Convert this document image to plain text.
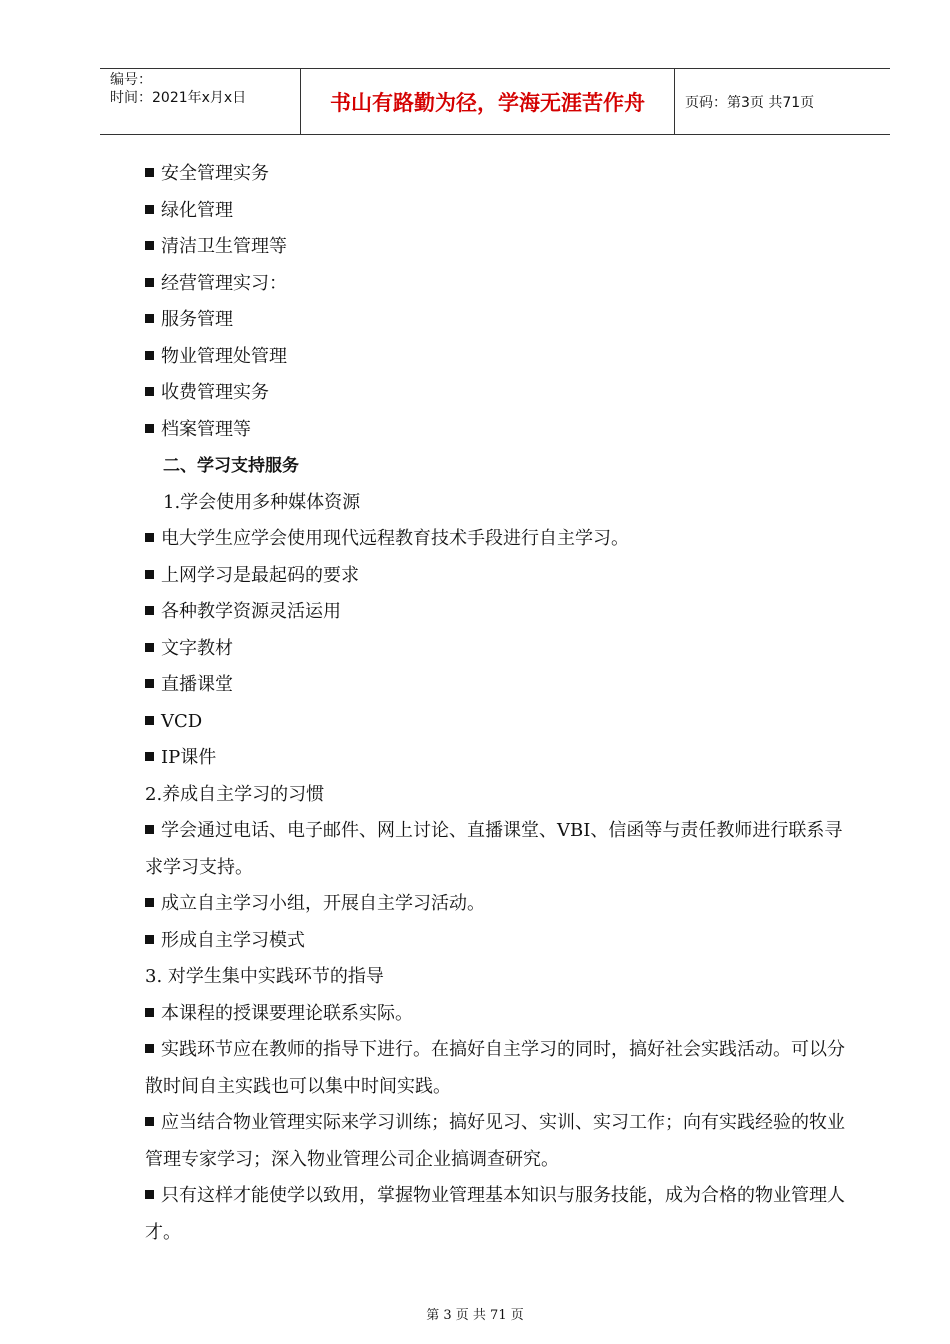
编号：
时间：2021年x月x日	书山有路勤为径，学海无涯苦作舟	页码：第3页 共71页
安全管理实务
绿化管理
清洁卫生管理等
经营管理实习：
服务管理
物业管理处管理
收费管理实务
档案管理等
二、学习支持服务
1.学会使用多种媒体资源
电大学生应学会使用现代远程教育技术手段进行自主学习。
上网学习是最起码的要求
各种教学资源灵活运用
文字教材
直播课堂
VCD
IP课件
2.养成自主学习的习惯
学会通过电话、电子邮件、网上讨论、直播课堂、VBI、信函等与责任教师进行联系寻求学习支持。
成立自主学习小组，开展自主学习活动。
形成自主学习模式
3. 对学生集中实践环节的指导
本课程的授课要理论联系实际。
实践环节应在教师的指导下进行。在搞好自主学习的同时，搞好社会实践活动。可以分散时间自主实践也可以集中时间实践。
应当结合物业管理实际来学习训练；搞好见习、实训、实习工作；向有实践经验的牧业管理专家学习；深入物业管理公司企业搞调查研究。
只有这样才能使学以致用，掌握物业管理基本知识与服务技能，成为合格的物业管理人才。
第 3 页 共 71 页
